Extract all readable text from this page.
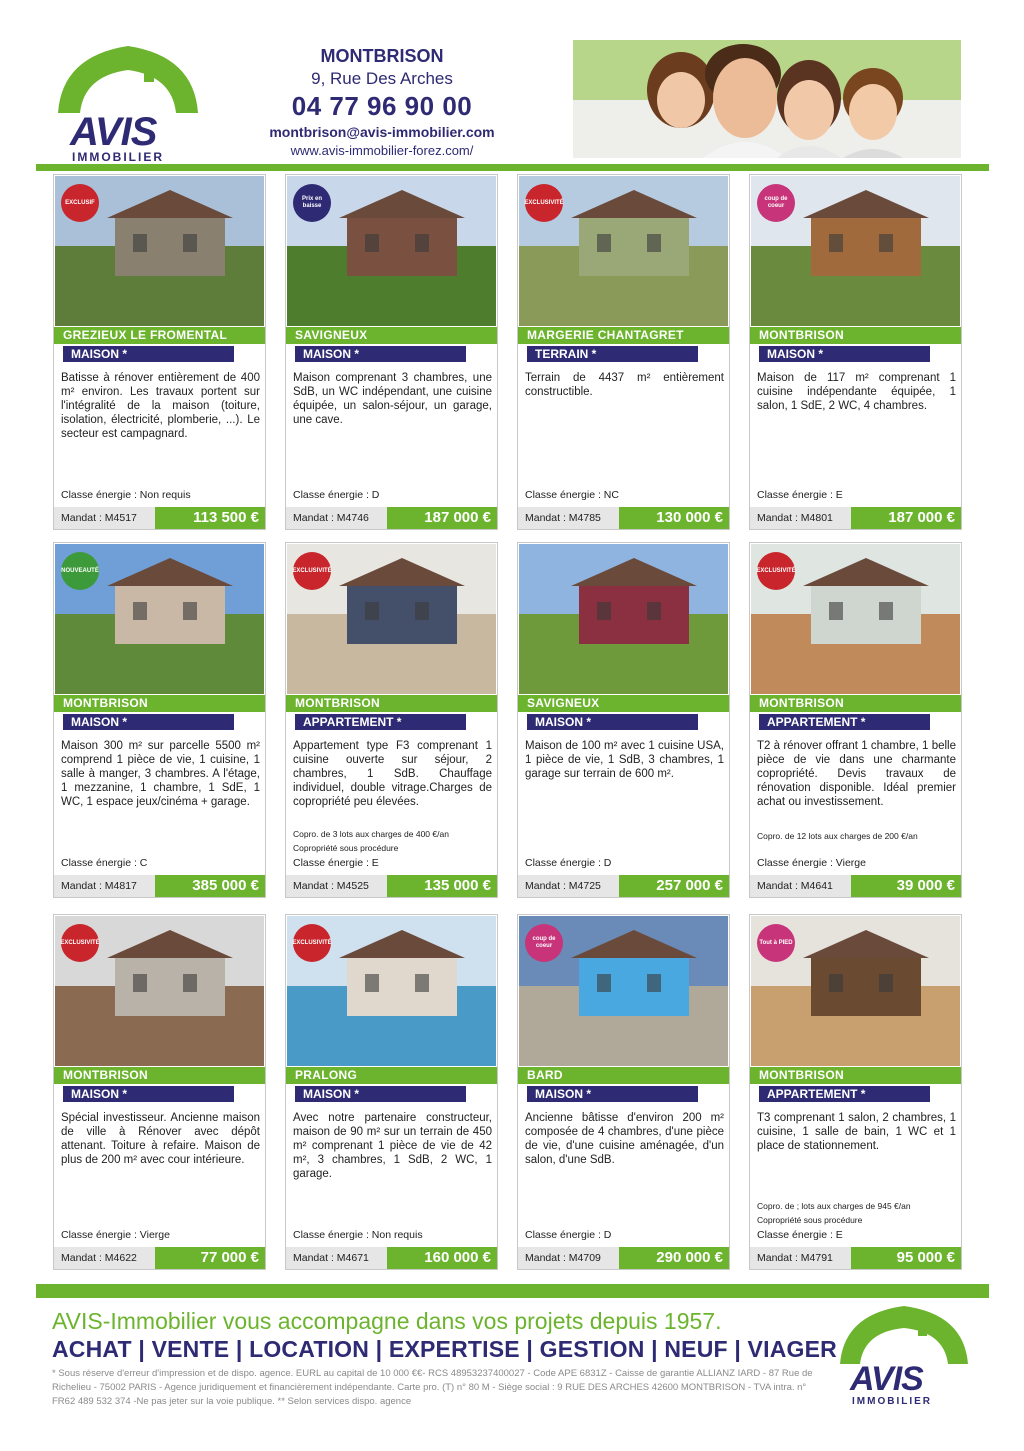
AVIS
IMMOBILIER
MONTBRISON
9, Rue Des Arches
04 77 96 90 00
montbrison@avis-immobilier.com
www.avis-immobilier-forez.com/
EXCLUSIF
GREZIEUX LE FROMENTAL
MAISON *
Batisse à rénover entièrement de 400 m² environ. Les travaux portent sur l'intégralité de la maison (toiture, isolation, électricité, plomberie, ...). Le secteur est campagnard.
Classe énergie : Non requis
Mandat : M4517	113 500 €
Prix en baisse
SAVIGNEUX
MAISON *
Maison comprenant 3 chambres, une SdB, un WC indépendant, une cuisine équipée, un salon-séjour, un garage, une cave.
Classe énergie : D
Mandat : M4746	187 000 €
EXCLUSIVITÉ
MARGERIE CHANTAGRET
TERRAIN *
Terrain de 4437 m² entièrement constructible.
Classe énergie : NC
Mandat : M4785	130 000 €
coup de coeur
MONTBRISON
MAISON *
Maison de 117 m² comprenant 1 cuisine indépendante équipée, 1 salon, 1 SdE, 2 WC, 4 chambres.
Classe énergie : E
Mandat : M4801	187 000 €
NOUVEAUTÉ
MONTBRISON
MAISON *
Maison 300 m² sur parcelle 5500 m² comprend 1 pièce de vie, 1 cuisine, 1 salle à manger, 3 chambres. A l'étage, 1 mezzanine, 1 chambre, 1 SdE, 1 WC, 1 espace jeux/cinéma + garage.
Classe énergie : C
Mandat : M4817	385 000 €
EXCLUSIVITÉ
MONTBRISON
APPARTEMENT *
Appartement type F3 comprenant 1 cuisine ouverte sur séjour, 2 chambres, 1 SdB. Chauffage individuel, double vitrage.Charges de copropriété peu élevées.
Copro. de 3 lots aux charges de 400 €/an
Copropriété sous procédure
Classe énergie : E
Mandat : M4525	135 000 €
SAVIGNEUX
MAISON *
Maison de 100 m² avec 1 cuisine USA, 1 pièce de vie, 1 SdB, 3 chambres, 1 garage sur terrain de 600 m².
Classe énergie : D
Mandat : M4725	257 000 €
EXCLUSIVITÉ
MONTBRISON
APPARTEMENT *
T2 à rénover offrant 1 chambre, 1 belle pièce de vie dans une charmante copropriété. Devis travaux de rénovation disponible. Idéal premier achat ou investissement.
Copro. de 12 lots aux charges de 200 €/an
Classe énergie : Vierge
Mandat : M4641	39 000 €
EXCLUSIVITÉ
MONTBRISON
MAISON *
Spécial investisseur. Ancienne maison de ville à Rénover avec dépôt attenant. Toiture à refaire. Maison de plus de 200 m² avec cour intérieure.
Classe énergie : Vierge
Mandat : M4622	77 000 €
EXCLUSIVITÉ
PRALONG
MAISON *
Avec notre partenaire constructeur, maison de 90 m² sur un terrain de 450 m² comprenant 1 pièce de vie de 42 m², 3 chambres, 1 SdB, 2 WC, 1 garage.
Classe énergie : Non requis
Mandat : M4671	160 000 €
coup de coeur
BARD
MAISON *
Ancienne bâtisse d'environ 200 m² composée de 4 chambres, d'une pièce de vie, d'une cuisine aménagée, d'un salon, d'une SdB.
Classe énergie : D
Mandat : M4709	290 000 €
Tout à PIED
MONTBRISON
APPARTEMENT *
T3 comprenant 1 salon, 2 chambres, 1 cuisine, 1 salle de bain, 1 WC et 1 place de stationnement.
Copro. de ; lots aux charges de 945 €/an
Copropriété sous procédure
Classe énergie : E
Mandat : M4791	95 000 €
AVIS-Immobilier vous accompagne dans vos projets depuis 1957.
ACHAT | VENTE | LOCATION | EXPERTISE | GESTION | NEUF | VIAGER
* Sous réserve d'erreur d'impression et de dispo. agence. EURL au capital de 10 000 €€- RCS 48953237400027 - Code APE 6831Z - Caisse de garantie ALLIANZ IARD - 87 Rue de Richelieu - 75002 PARIS - Agence juridiquement et financièrement indépendante. Carte pro. (T) n° 80 M - Siège social : 9 RUE DES ARCHES 42600 MONTBRISON - TVA intra. n° FR62 489 532 374 -Ne pas jeter sur la voie publique. ** Selon services dispo. agence
AVIS
IMMOBILIER
